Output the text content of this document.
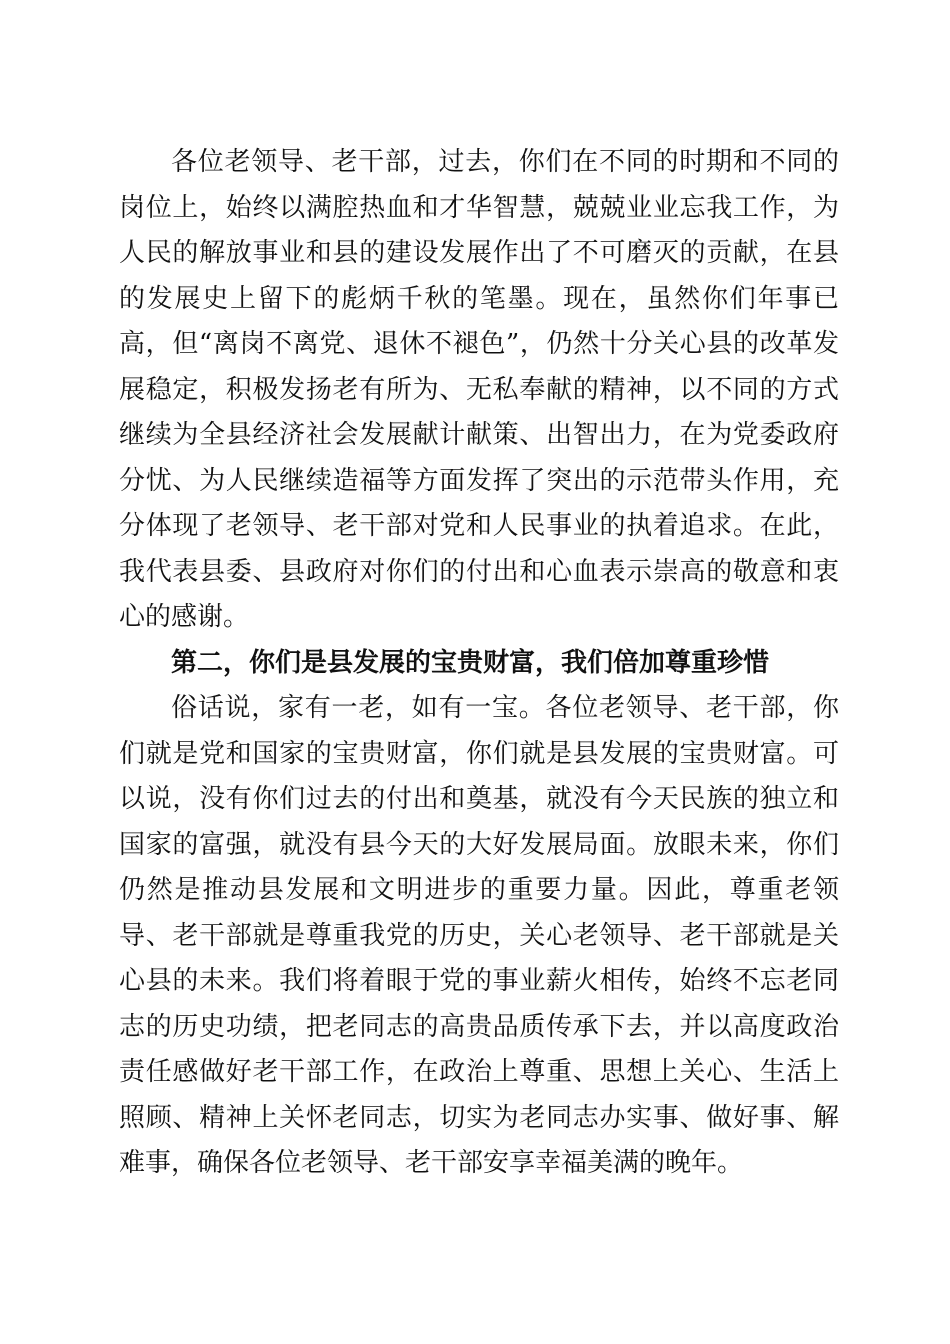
各位老领导、老干部，过去，你们在不同的时期和不同的岗位上，始终以满腔热血和才华智慧，兢兢业业忘我工作，为人民的解放事业和县的建设发展作出了不可磨灭的贡献，在县的发展史上留下的彪炳千秋的笔墨。现在，虽然你们年事已高，但“离岗不离党、退休不褪色”，仍然十分关心县的改革发展稳定，积极发扬老有所为、无私奉献的精神，以不同的方式继续为全县经济社会发展献计献策、出智出力，在为党委政府分忧、为人民继续造福等方面发挥了突出的示范带头作用，充分体现了老领导、老干部对党和人民事业的执着追求。在此，我代表县委、县政府对你们的付出和心血表示崇高的敬意和衷心的感谢。

第二，你们是县发展的宝贵财富，我们倍加尊重珍惜

俗话说，家有一老，如有一宝。各位老领导、老干部，你们就是党和国家的宝贵财富，你们就是县发展的宝贵财富。可以说，没有你们过去的付出和奠基，就没有今天民族的独立和国家的富强，就没有县今天的大好发展局面。放眼未来，你们仍然是推动县发展和文明进步的重要力量。因此，尊重老领导、老干部就是尊重我党的历史，关心老领导、老干部就是关心县的未来。我们将着眼于党的事业薪火相传，始终不忘老同志的历史功绩，把老同志的高贵品质传承下去，并以高度政治责任感做好老干部工作，在政治上尊重、思想上关心、生活上照顾、精神上关怀老同志，切实为老同志办实事、做好事、解难事，确保各位老领导、老干部安享幸福美满的晚年。
